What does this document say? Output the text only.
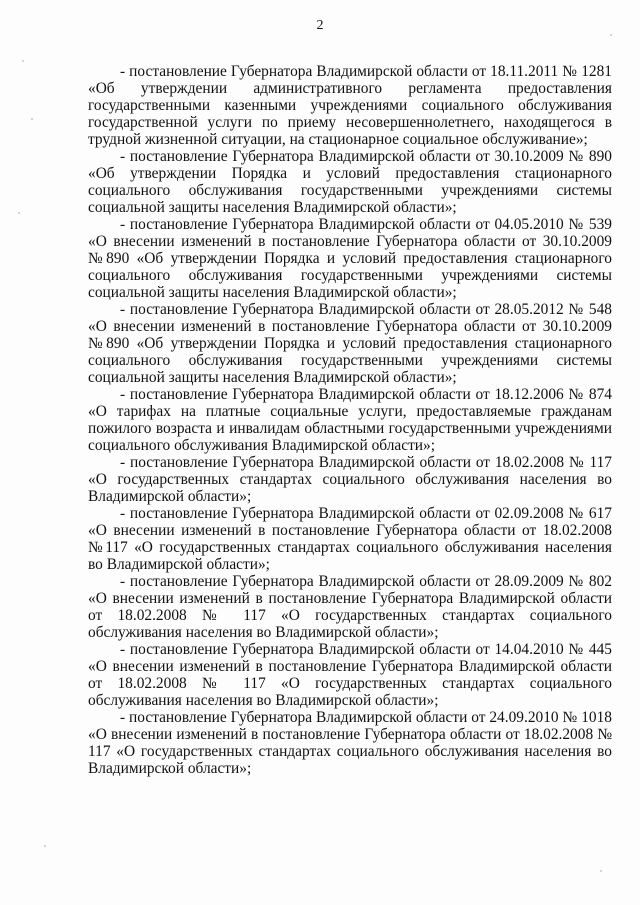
2

- постановление Губернатора Владимирской области от 18.11.2011 № 1281 «Об утверждении административного регламента предоставления государственными казенными учреждениями социального обслуживания государственной услуги по приему несовершеннолетнего, находящегося в трудной жизненной ситуации, на стационарное социальное обслуживание»;

- постановление Губернатора Владимирской области от 30.10.2009 № 890 «Об утверждении Порядка и условий предоставления стационарного социального обслуживания государственными учреждениями системы социальной защиты населения Владимирской области»;

- постановление Губернатора Владимирской области от 04.05.2010 № 539 «О внесении изменений в постановление Губернатора области от 30.10.2009 №890 «Об утверждении Порядка и условий предоставления стационарного социального обслуживания государственными учреждениями системы социальной защиты населения Владимирской области»;

- постановление Губернатора Владимирской области от 28.05.2012 № 548 «О внесении изменений в постановление Губернатора области от 30.10.2009 №890 «Об утверждении Порядка и условий предоставления стационарного социального обслуживания государственными учреждениями системы социальной защиты населения Владимирской области»;

- постановление Губернатора Владимирской области от 18.12.2006 № 874 «О тарифах на платные социальные услуги, предоставляемые гражданам пожилого возраста и инвалидам областными государственными учреждениями социального обслуживания Владимирской области»;

- постановление Губернатора Владимирской области от 18.02.2008 № 117 «О государственных стандартах социального обслуживания населения во Владимирской области»;

- постановление Губернатора Владимирской области от 02.09.2008 № 617 «О внесении изменений в постановление Губернатора области от 18.02.2008 №117 «О государственных стандартах социального обслуживания населения во Владимирской области»;

- постановление Губернатора Владимирской области от 28.09.2009 № 802 «О внесении изменений в постановление Губернатора Владимирской области от 18.02.2008 № 117 «О государственных стандартах социального обслуживания населения во Владимирской области»;

- постановление Губернатора Владимирской области от 14.04.2010 № 445 «О внесении изменений в постановление Губернатора Владимирской области от 18.02.2008 № 117 «О государственных стандартах социального обслуживания населения во Владимирской области»;

- постановление Губернатора Владимирской области от 24.09.2010 № 1018 «О внесении изменений в постановление Губернатора области от 18.02.2008 № 117 «О государственных стандартах социального обслуживания населения во Владимирской области»;
